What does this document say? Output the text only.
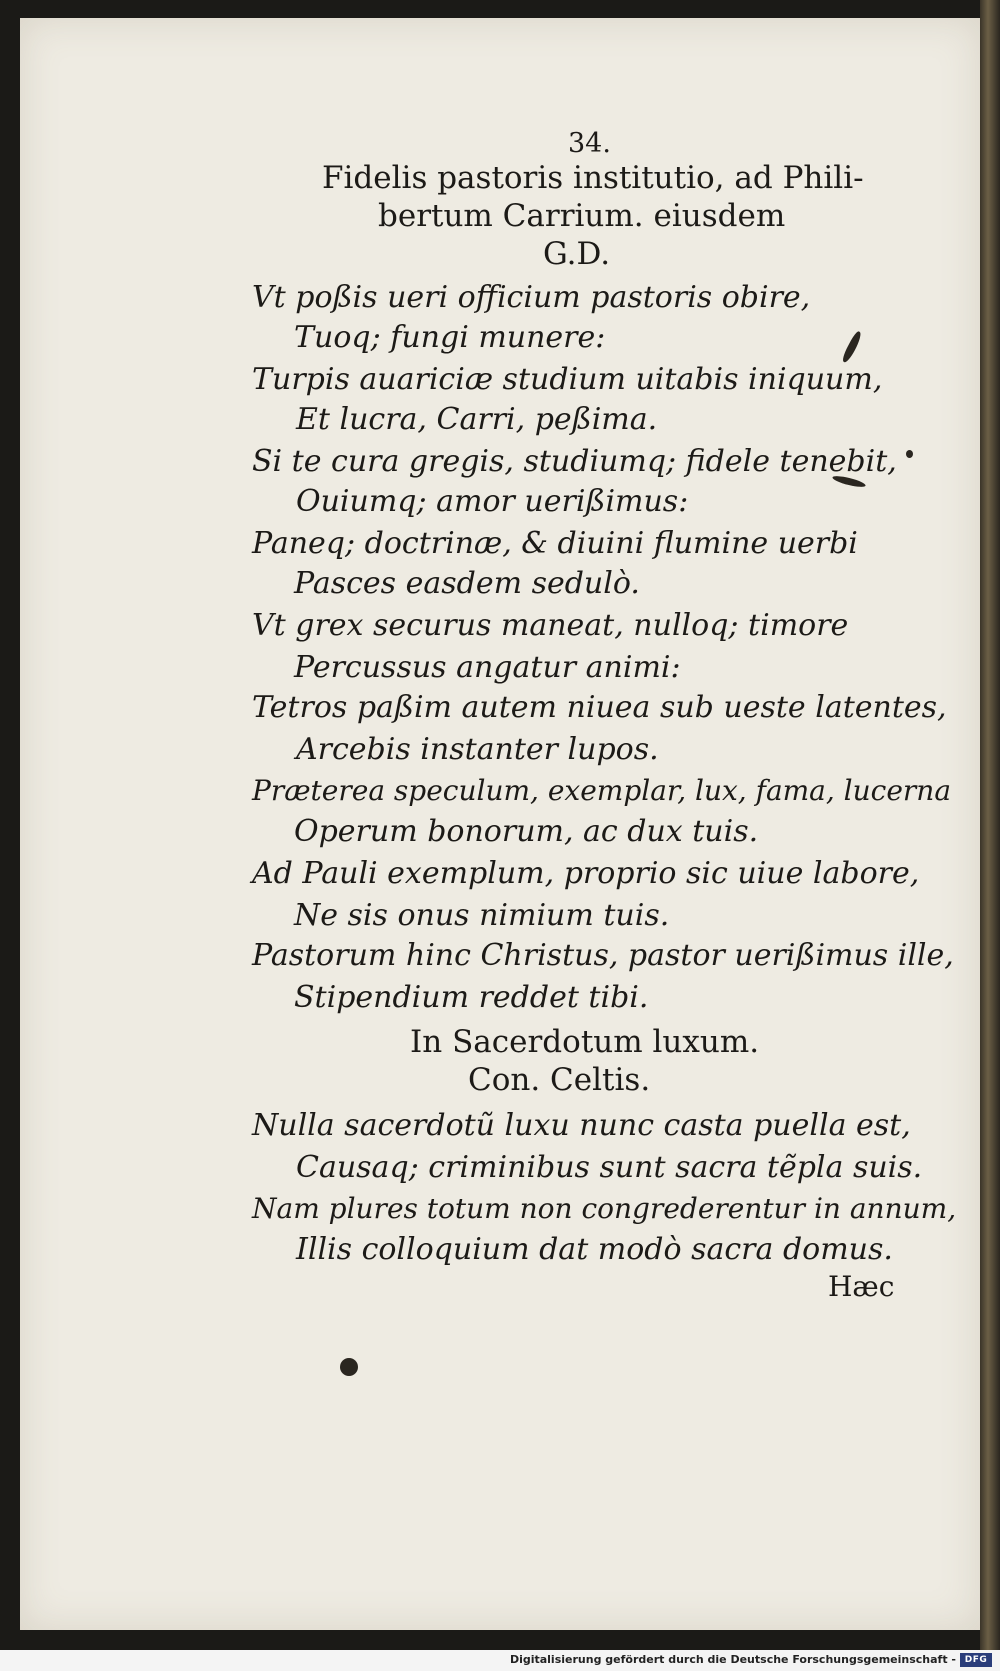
34.
Fidelis pastoris institutio, ad Phili-
bertum Carrium. eiusdem
G.D.
Vt poßis ueri officium pastoris obire,
Tuoq; fungi munere:
Turpis auariciæ studium uitabis iniquum,
Et lucra, Carri, peßima.
Si te cura gregis, studiumq; fidele tenebit,
Ouiumq; amor uerißimus:
Paneq; doctrinæ, & diuini flumine uerbi
Pasces easdem sedulò.
Vt grex securus maneat, nulloq; timore
Percussus angatur animi:
Tetros paßim autem niuea sub ueste latentes,
Arcebis instanter lupos.
Præterea speculum, exemplar, lux, fama, lucerna
Operum bonorum, ac dux tuis.
Ad Pauli exemplum, proprio sic uiue labore,
Ne sis onus nimium tuis.
Pastorum hinc Christus, pastor uerißimus ille,
Stipendium reddet tibi.
In Sacerdotum luxum.
Con. Celtis.
Nulla sacerdotũ luxu nunc casta puella est,
Causaq; criminibus sunt sacra tẽpla suis.
Nam plures totum non congrederentur in annum,
Illis colloquium dat modò sacra domus.
Hæc
Digitalisierung gefördert durch die Deutsche Forschungsgemeinschaft - DFG
